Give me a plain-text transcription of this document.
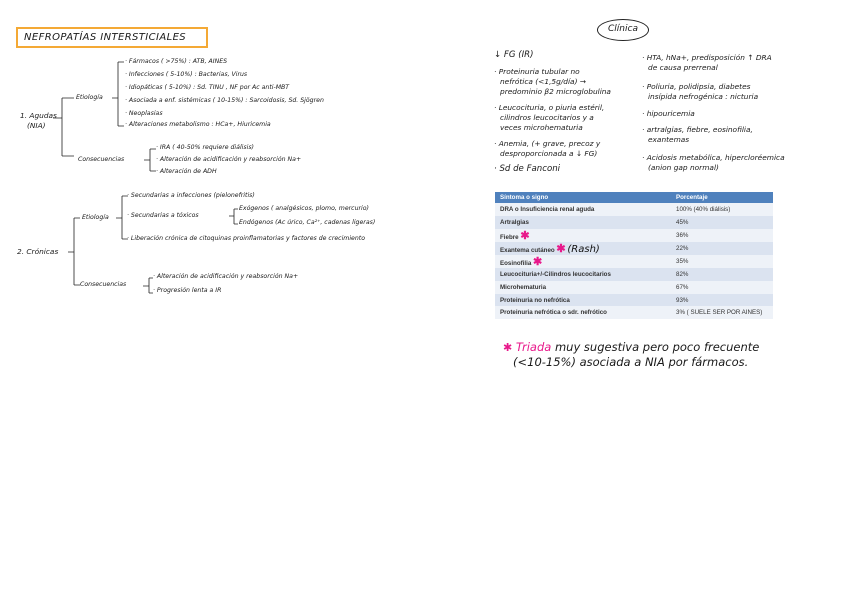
NEFROPATÍAS INTERSTICIALES
1. Agudas
(NIA)
Etiología
· Fármacos ( >75%) : ATB, AINES
· Infecciones ( 5-10%) : Bacterias, Virus
· Idiopáticas ( 5-10%) : Sd. TINU , NF por Ac anti-MBT
· Asociada a enf. sistémicas ( 10-15%) : Sarcoidosis, Sd. Sjögren
· Neoplasias
· Alteraciones metabolismo : HCa+, Hiuricemia
Consecuencias
· IRA ( 40-50% requiere diálisis)
· Alteración de acidificación y reabsorción Na+
· Alteración de ADH
2. Crónicas
Etiología
· Secundarias a infecciones (pielonefritis)
· Secundarias a tóxicos
Exógenos ( analgésicos, plomo, mercurio)
Endógenos (Ac úrico, Ca²⁺, cadenas ligeras)
· Liberación crónica de citoquinas proinflamatorias y factores de crecimiento
Consecuencias
· Alteración de acidificación y reabsorción Na+
· Progresión lenta a IR
Clínica
↓ FG (IR)
· Proteinuria tubular no
nefrótica (<1,5g/día) →
predominio β2 microglobulina
· Leucocituria, o piuria estéril,
cilindros leucocitarios y a
veces microhematuria
· Anemia, (+ grave, precoz y
desproporcionada a ↓ FG)
· Sd de Fanconi
· HTA, hNa+, predisposición ↑ DRA
de causa prerrenal
· Poliuria, polidipsia, diabetes
insípida nefrogénica : nicturia
· hipouricemia
· artralgias, fiebre, eosinofilia,
exantemas
· Acidosis metabólica, hipercloréemica
(anion gap normal)
Síntoma o signo	Porcentaje
DRA o Insuficiencia renal aguda	100% (40% diálisis)
Artralgias	45%
Fiebre ✱	36%
Exantema cutáneo ✱ (Rash)	22%
Eosinofilia ✱	35%
Leucocituria+/-Cilindros leucocitarios	82%
Microhematuria	67%
Proteinuria no nefrótica	93%
Proteinuria nefrótica o sdr. nefrótico	3% ( SUELE SER POR AINES)
✱ Triada muy sugestiva pero poco frecuente
(<10-15%) asociada a NIA por fármacos.
